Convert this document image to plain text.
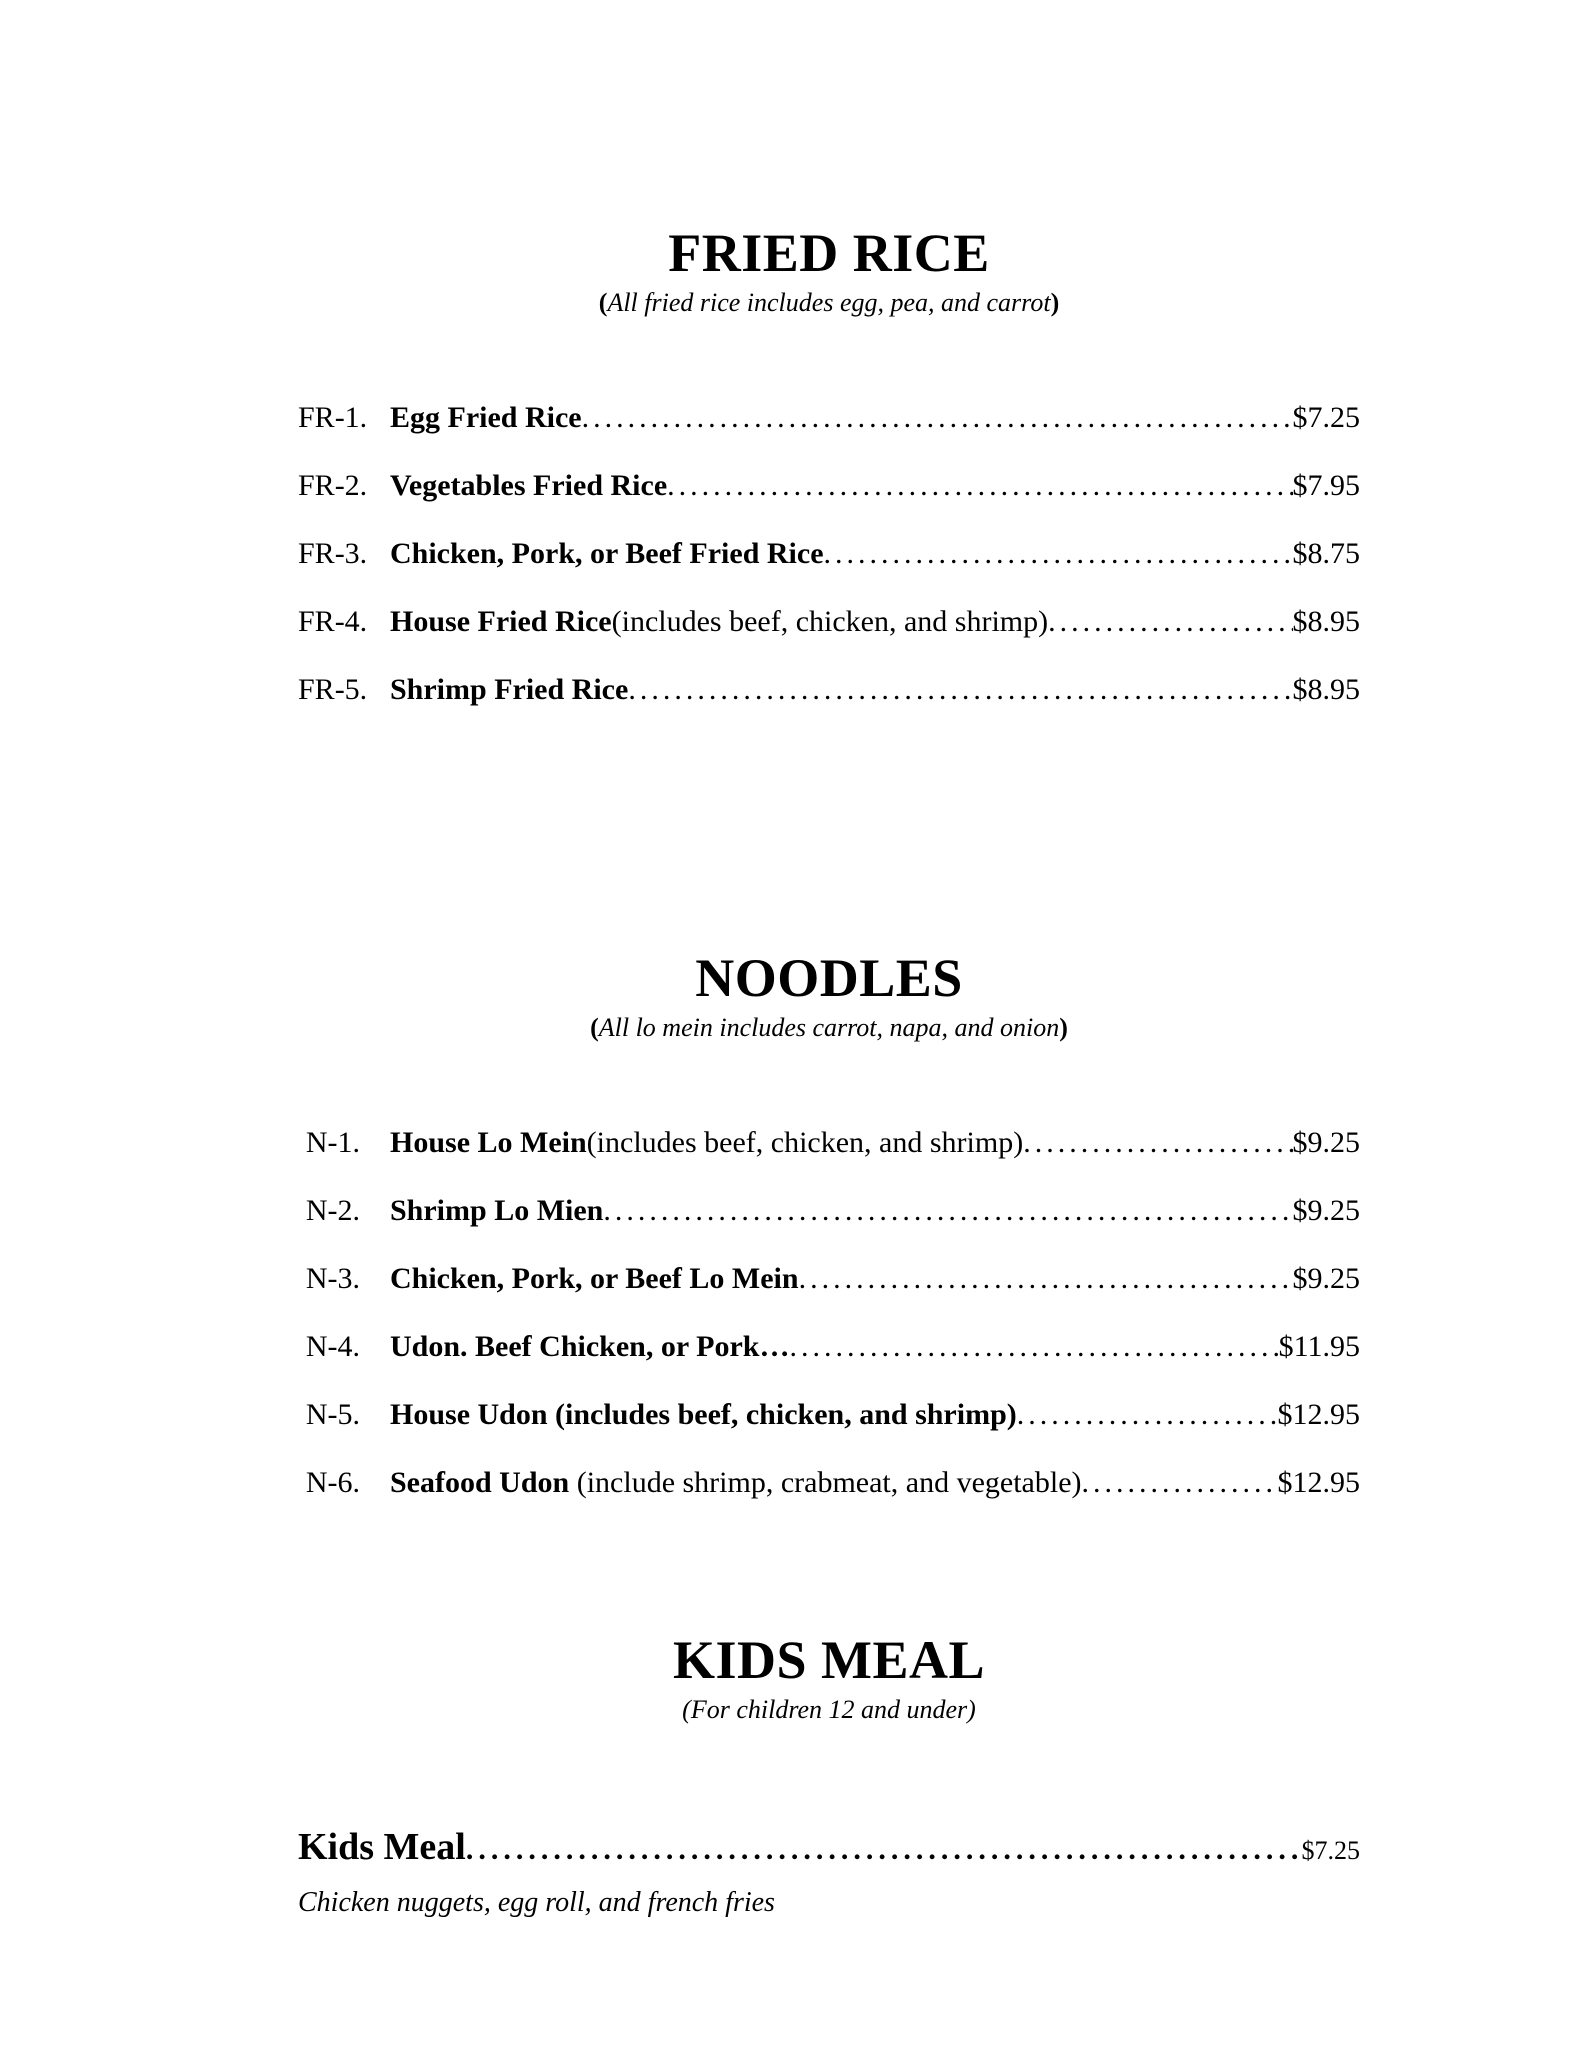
FRIED RICE
(All fried rice includes egg, pea, and carrot)
FR-1. Egg Fried Rice .....	$7.25
FR-2. Vegetables Fried Rice .....	$7.95
FR-3. Chicken, Pork, or Beef Fried Rice .....	$8.75
FR-4. House Fried Rice (includes beef, chicken, and shrimp) .....	$8.95
FR-5. Shrimp Fried Rice .....	$8.95
NOODLES
(All lo mein includes carrot, napa, and onion)
N-1. House Lo Mein (includes beef, chicken, and shrimp) .....	$9.25
N-2. Shrimp Lo Mien .....	$9.25
N-3. Chicken, Pork, or Beef Lo Mein .....	$9.25
N-4. Udon. Beef Chicken, or Pork… .....	$11.95
N-5. House Udon (includes beef, chicken, and shrimp) .....	$12.95
N-6. Seafood Udon (include shrimp, crabmeat, and vegetable) .....	$12.95
KIDS MEAL
(For children 12 and under)
Kids Meal .....	$7.25
Chicken nuggets, egg roll, and french fries
